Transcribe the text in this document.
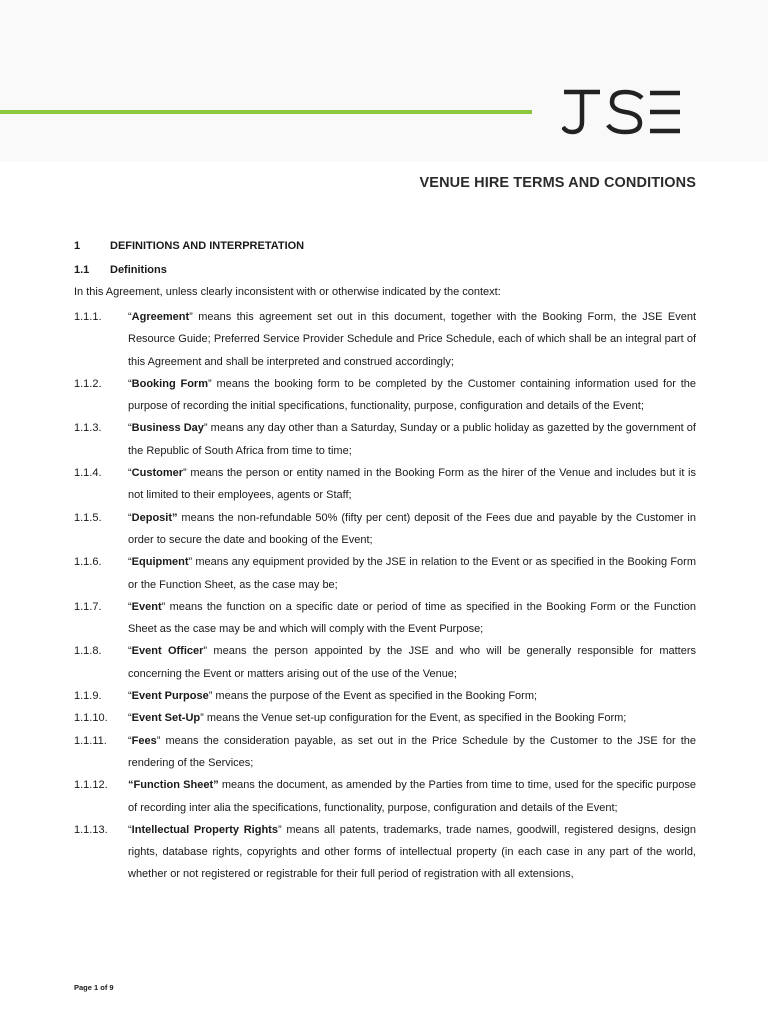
VENUE HIRE TERMS AND CONDITIONS
1	DEFINITIONS AND INTERPRETATION
1.1 Definitions
In this Agreement, unless clearly inconsistent with or otherwise indicated by the context:
1.1.1. “Agreement” means this agreement set out in this document, together with the Booking Form, the JSE Event Resource Guide; Preferred Service Provider Schedule and Price Schedule, each of which shall be an integral part of this Agreement and shall be interpreted and construed accordingly;
1.1.2. “Booking Form” means the booking form to be completed by the Customer containing information used for the purpose of recording the initial specifications, functionality, purpose, configuration and details of the Event;
1.1.3. “Business Day” means any day other than a Saturday, Sunday or a public holiday as gazetted by the government of the Republic of South Africa from time to time;
1.1.4. “Customer” means the person or entity named in the Booking Form as the hirer of the Venue and includes but it is not limited to their employees, agents or Staff;
1.1.5. “Deposit” means the non-refundable 50% (fifty per cent) deposit of the Fees due and payable by the Customer in order to secure the date and booking of the Event;
1.1.6. “Equipment” means any equipment provided by the JSE in relation to the Event or as specified in the Booking Form or the Function Sheet, as the case may be;
1.1.7. “Event” means the function on a specific date or period of time as specified in the Booking Form or the Function Sheet as the case may be and which will comply with the Event Purpose;
1.1.8. “Event Officer” means the person appointed by the JSE and who will be generally responsible for matters concerning the Event or matters arising out of the use of the Venue;
1.1.9. “Event Purpose” means the purpose of the Event as specified in the Booking Form;
1.1.10. “Event Set-Up” means the Venue set-up configuration for the Event, as specified in the Booking Form;
1.1.11. “Fees” means the consideration payable, as set out in the Price Schedule by the Customer to the JSE for the rendering of the Services;
1.1.12. “Function Sheet” means the document, as amended by the Parties from time to time, used for the specific purpose of recording inter alia the specifications, functionality, purpose, configuration and details of the Event;
1.1.13. “Intellectual Property Rights” means all patents, trademarks, trade names, goodwill, registered designs, design rights, database rights, copyrights and other forms of intellectual property (in each case in any part of the world, whether or not registered or registrable for their full period of registration with all extensions,
Page 1 of 9
